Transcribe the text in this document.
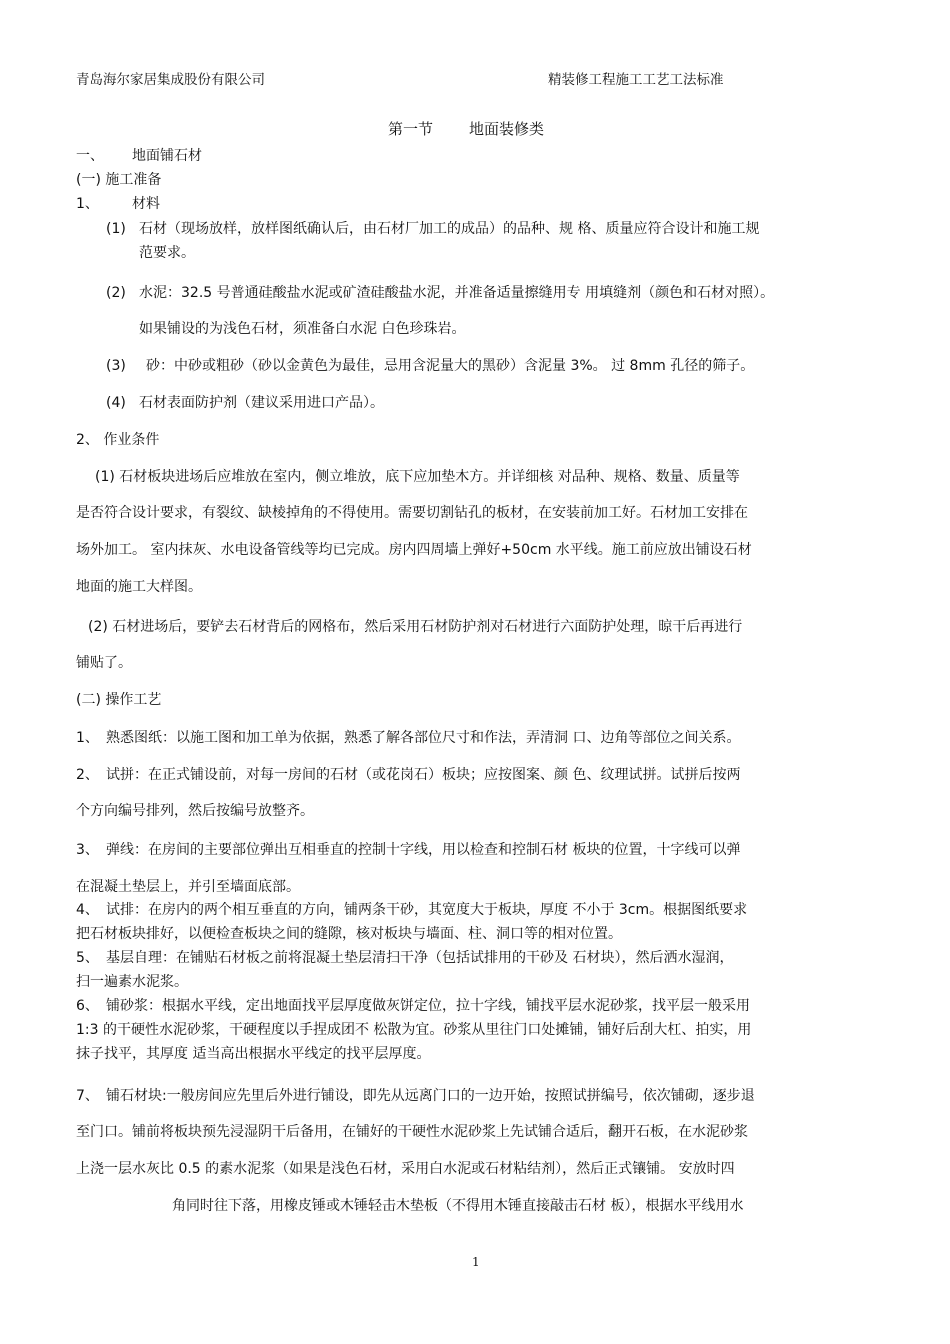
青岛海尔家居集成股份有限公司	精装修工程施工工艺工法标准
第一节 地面装修类
一、 地面铺石材
(一) 施工准备
1、 材料
(1) 石材（现场放样，放样图纸确认后，由石材厂加工的成品）的品种、规 格、质量应符合设计和施工规
范要求。
(2) 水泥：32.5 号普通硅酸盐水泥或矿渣硅酸盐水泥，并准备适量擦缝用专 用填缝剂（颜色和石材对照）。
如果铺设的为浅色石材，须准备白水泥 白色珍珠岩。
(3) 砂：中砂或粗砂（砂以金黄色为最佳，忌用含泥量大的黑砂）含泥量 3%。 过 8mm 孔径的筛子。
(4) 石材表面防护剂（建议采用进口产品）。
2、 作业条件
(1) 石材板块进场后应堆放在室内，侧立堆放，底下应加垫木方。并详细核 对品种、规格、数量、质量等
是否符合设计要求，有裂纹、缺棱掉角的不得使用。需要切割钻孔的板材，在安装前加工好。石材加工安排在
场外加工。 室内抹灰、水电设备管线等均已完成。房内四周墙上弹好+50cm 水平线。施工前应放出铺设石材
地面的施工大样图。
(2) 石材进场后，要铲去石材背后的网格布，然后采用石材防护剂对石材进行六面防护处理，晾干后再进行
铺贴了。
(二) 操作工艺
1、 熟悉图纸：以施工图和加工单为依据，熟悉了解各部位尺寸和作法，弄清洞 口、边角等部位之间关系。
2、 试拼：在正式铺设前，对每一房间的石材（或花岗石）板块；应按图案、颜 色、纹理试拼。试拼后按两
个方向编号排列，然后按编号放整齐。
3、 弹线：在房间的主要部位弹出互相垂直的控制十字线，用以检查和控制石材 板块的位置，十字线可以弹
在混凝土垫层上，并引至墙面底部。
4、 试排：在房内的两个相互垂直的方向，铺两条干砂，其宽度大于板块，厚度 不小于 3cm。根据图纸要求
把石材板块排好，以便检查板块之间的缝隙，核对板块与墙面、柱、洞口等的相对位置。
5、 基层自理：在铺贴石材板之前将混凝土垫层清扫干净（包括试排用的干砂及 石材块），然后洒水湿润，
扫一遍素水泥浆。
6、 铺砂浆：根据水平线，定出地面找平层厚度做灰饼定位，拉十字线，铺找平层水泥砂浆，找平层一般采用
1:3 的干硬性水泥砂浆，干硬程度以手捏成团不 松散为宜。砂浆从里往门口处摊铺，铺好后刮大杠、拍实，用
抹子找平，其厚度 适当高出根据水平线定的找平层厚度。
7、 铺石材块:一般房间应先里后外进行铺设，即先从远离门口的一边开始，按照试拼编号，依次铺砌，逐步退
至门口。铺前将板块预先浸湿阴干后备用，在铺好的干硬性水泥砂浆上先试铺合适后，翻开石板，在水泥砂浆
上浇一层水灰比 0.5 的素水泥浆（如果是浅色石材，采用白水泥或石材粘结剂），然后正式镶铺。 安放时四
角同时往下落，用橡皮锤或木锤轻击木垫板（不得用木锤直接敲击石材 板），根据水平线用水
1
